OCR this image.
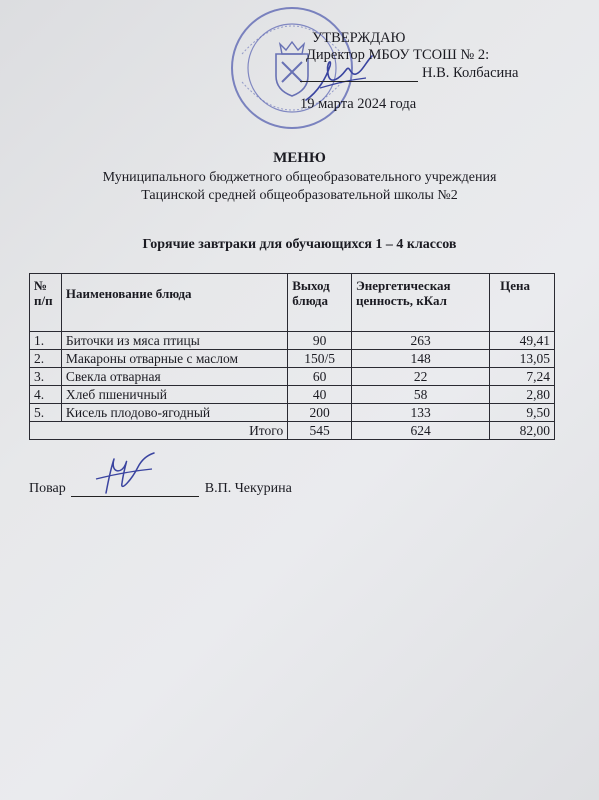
УТВЕРЖДАЮ
Директор МБОУ ТСОШ № 2:
Н.В. Колбасина
19 марта 2024 года
МЕНЮ
Муниципального бюджетного общеобразовательного учреждения
Тацинской средней общеобразовательной школы №2
Горячие завтраки для обучающихся 1 – 4 классов
№ п/п	Наименование блюда	Выход блюда	Энергетическая ценность, кКал	Цена
1.	Биточки из мяса птицы	90	263	49,41
2.	Макароны отварные с маслом	150/5	148	13,05
3.	Свекла отварная	60	22	7,24
4.	Хлеб пшеничный	40	58	2,80
5.	Кисель плодово-ягодный	200	133	9,50
Итого		545	624	82,00
Повар	В.П. Чекурина
